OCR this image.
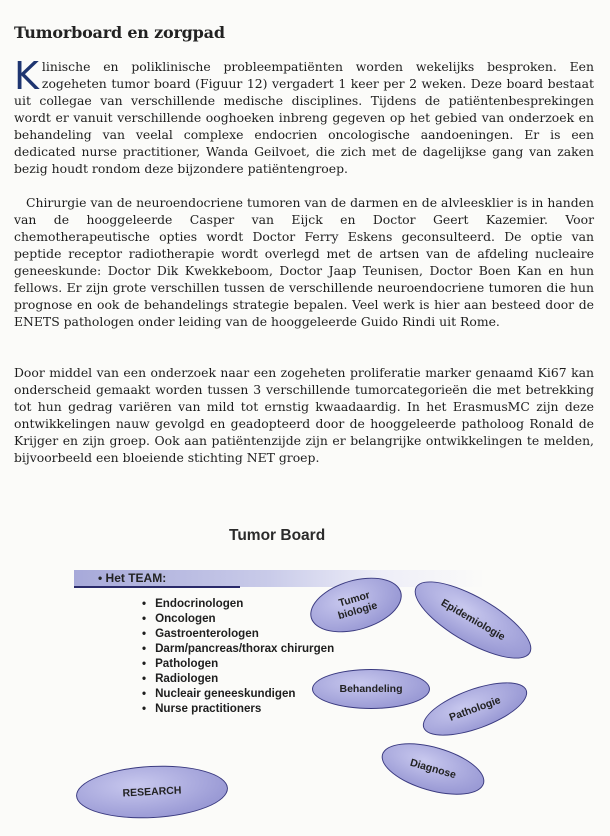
Tumorboard en zorgpad

Klinische en poliklinische probleempatiënten worden wekelijks besproken. Een zogeheten tumor board (Figuur 12) vergadert 1 keer per 2 weken. Deze board bestaat uit collegae van verschillende medische disciplines. Tijdens de patiëntenbesprekingen wordt er vanuit verschillende ooghoeken inbreng gegeven op het gebied van onderzoek en behandeling van veelal complexe endocrien oncologische aandoeningen. Er is een dedicated nurse practitioner, Wanda Geilvoet, die zich met de dagelijkse gang van zaken bezig houdt rondom deze bijzondere patiëntengroep.

Chirurgie van de neuroendocriene tumoren van de darmen en de alvleesklier is in handen van de hooggeleerde Casper van Eijck en Doctor Geert Kazemier. Voor chemotherapeutische opties wordt Doctor Ferry Eskens geconsulteerd. De optie van peptide receptor radiotherapie wordt overlegd met de artsen van de afdeling nucleaire geneeskunde: Doctor Dik Kwekkeboom, Doctor Jaap Teunisen, Doctor Boen Kan en hun fellows. Er zijn grote verschillen tussen de verschillende neuroendocriene tumoren die hun prognose en ook de behandelings strategie bepalen. Veel werk is hier aan besteed door de ENETS pathologen onder leiding van de hooggeleerde Guido Rindi uit Rome.

Door middel van een onderzoek naar een zogeheten proliferatie marker genaamd Ki67 kan onderscheid gemaakt worden tussen 3 verschillende tumorcategorieën die met betrekking tot hun gedrag variëren van mild tot ernstig kwaadaardig. In het ErasmusMC zijn deze ontwikkelingen nauw gevolgd en geadopteerd door de hooggeleerde patholoog Ronald de Krijger en zijn groep. Ook aan patiëntenzijde zijn er belangrijke ontwikkelingen te melden, bijvoorbeeld een bloeiende stichting NET groep.

Tumor Board
• Het TEAM:
• Endocrinologen
• Oncologen
• Gastroenterologen
• Darm/pancreas/thorax chirurgen
• Pathologen
• Radiologen
• Nucleair geneeskundigen
• Nurse practitioners
Tumor
biologie	Epidemiologie
Behandeling
Pathologie
Diagnose
RESEARCH
